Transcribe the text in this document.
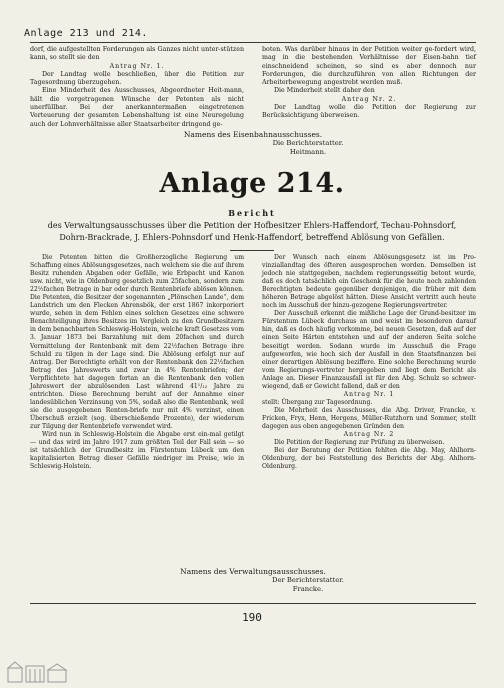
Anlage 213 und 214.

dorf, die aufgestellten Forderungen als Ganzes nicht unter-stützen kann, so stellt sie den

Antrag Nr. 1.

Der Landtag wolle beschließen, über die Petition zur Tagesordnung überzugehen.

Eine Minderheit des Ausschusses, Abgeordneter Heit-mann, hält die vorgetragenen Wünsche der Petenten als nicht unerfüllbar. Bei der anerkanntermaßen eingetretenen Verteuerung der gesamten Lebenshaltung ist eine Neuregelung auch der Lohnverhältnisse aller Staatsarbeiter dringend ge-

boten. Was darüber hinaus in der Petition weiter ge-fordert wird, mag in die bestehenden Verhältnisse der Eisen-bahn tief einschneidend scheinen, so sind es aber dennoch nur Forderungen, die durchzuführen von allen Richtungen der Arbeiterbewegung angestrebt werden muß.

Die Minderheit stellt daher den

Antrag Nr. 2.

Der Landtag wolle die Petition der Regierung zur Berücksichtigung überweisen.

Namens des Eisenbahnausschusses.
Die Berichterstatter.
Heitmann.
Anlage 214.
Bericht
des Verwaltungsausschusses über die Petition der Hofbesitzer Ehlers-Haffendorf, Techau-Pohnsdorf, Dohrn-Brackrade, J. Ehlers-Pohnsdorf und Henk-Haffendorf, betreffend Ablösung von Gefällen.

Die Petenten bitten die Großherzogliche Regierung um Schaffung eines Ablösungsgesetzes, nach welchem sie die auf ihrem Besitz ruhenden Abgaben oder Gefälle, wie Erbpacht und Kanon usw. nicht, wie in Oldenburg gesetzlich zum 25fachen, sondern zum 22½fachen Betrage in bar oder durch Rentenbriefe ablösen können. Die Petenten, die Besitzer der sogenannten „Plönschen Lande“, dem Landstrich um den Flecken Ahrensbök, der erst 1867 inkorporiert wurde, sehen in dem Fehlen eines solchen Gesetzes eine schwere Benachteiligung ihres Besitzes im Vergleich zu den Grundbesitzern in dem benachbarten Schleswig-Holstein, welche kraft Gesetzes vom 3. Januar 1873 bei Barzahlung mit dem 20fachen und durch Vermittelung der Rentenbank mit dem 22½fachen Betrage ihre Schuld zu tilgen in der Lage sind. Die Ablösung erfolgt nur auf Antrag. Der Berechtigte erhält von der Rentenbank den 22½fachen Betrag des Jahreswerts und zwar in 4% Rentenbriefen; der Verpflichtete hat dagegen fortan an die Rentenbank den vollen Jahreswert der abzulösenden Last während 41¹/₁₂ Jahre zu entrichten. Diese Berechnung beruht auf der Annahme einer landesüblichen Verzinsung von 5%, sodaß also die Rentenbank, weil sie die ausgegebenen Renten-briefe nur mit 4% verzinst, einen Überschuß erzielt (sog. überschießende Prozente), der wiederum zur Tilgung der Rentenbriefe verwendet wird.

Wird nun in Schleswig-Holstein die Abgabe erst ein-mal getilgt — und das wird im Jahre 1917 zum größten Teil der Fall sein — so ist tatsächlich der Grundbesitz im Fürstentum Lübeck um den kapitalisierten Betrag dieser Gefälle niedriger im Preise, wie in Schleswig-Holstein.

Der Wunsch nach einem Ablösungsgesetz ist im Pro-vinziallandtag des öfteren ausgesprochen worden. Demselben ist jedoch nie stattgegeben, nachdem regierungsseitig betont wurde, daß es doch tatsächlich ein Geschenk für die heute noch zahlenden Berechtigten bedeute gegenüber denjenigen, die früher mit dem höheren Betrage abgelöst hätten. Diese Ansicht vertritt auch heute noch im Ausschuß der hinzu-gezogene Regierungsvertreter.

Der Ausschuß erkennt die mißliche Lage der Grund-besitzer im Fürstentum Lübeck durchaus an und weist im besonderen darauf hin, daß es doch häufig vorkomme, bei neuen Gesetzen, daß auf der einen Seite Härten entstehen und auf der anderen Seite solche beseitigt werden. Sodann wurde im Ausschuß die Frage aufgeworfen, wie hoch sich der Ausfall in den Staatsfinanzen bei einer derartigen Ablösung beziffere. Eine solche Berechnung wurde vom Regierungs-vertreter hergegeben und liegt dem Bericht als Anlage an. Dieser Finanzausfall ist für den Abg. Schulz so schwer-wiegend, daß er Gewicht fallend, daß er den

Antrag Nr. 1

stellt: Übergang zur Tagesordnung.

Die Mehrheit des Ausschusses, die Abg. Driver, Francke, v. Fricken, Fryx, Henn, Hergens, Müller-Rutzhorn und Sommer, stellt dagegen aus oben angegebenen Gründen den

Antrag Nr. 2

Die Petition der Regierung zur Prüfung zu überweisen.

Bei der Beratung der Petition fehlten die Abg. May, Ahlhorn-Oldenburg, der bei Feststellung des Berichts der Abg. Ahlhorn-Oldenburg.

Namens des Verwaltungsausschusses.
Der Berichterstatter.
Francke.
190
